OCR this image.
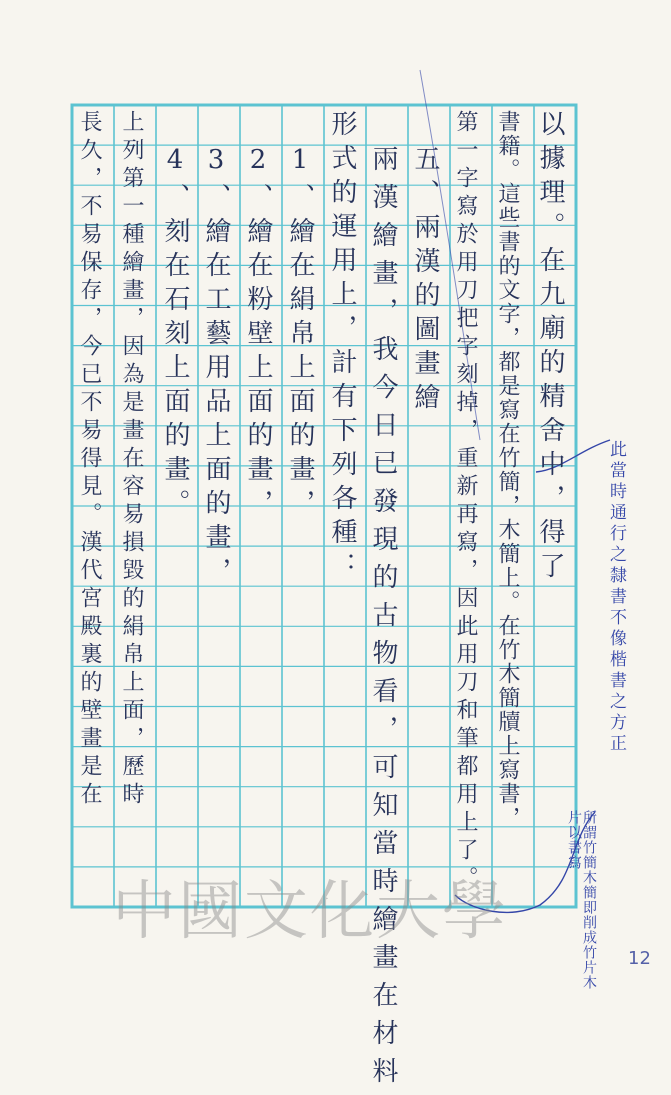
以據理。在九廟的精舍中，得了
書籍。這些書的文字，都是寫在竹簡，木簡上。在竹木簡牘上寫書，
第一字寫於用刀把字刻掉，重新再寫，因此用刀和筆都用上了。
五、兩漢的圖畫繪
兩漢繪畫，我今日已發現的古物看，可知當時繪畫在材料
形式的運用上，計有下列各種：
1、繪在絹帛上面的畫，
2、繪在粉壁上面的畫，
3、繪在工藝用品上面的畫，
4、刻在石刻上面的畫。
上列第一種繪畫，因為是畫在容易損毀的絹帛上面，歷時
長久，不易保存，今已不易得見。漢代宮殿裏的壁畫是在	此當時通行之隸書不像楷書之方正
所謂竹簡木簡即削成竹片木片以書寫
中國文化大學
12
